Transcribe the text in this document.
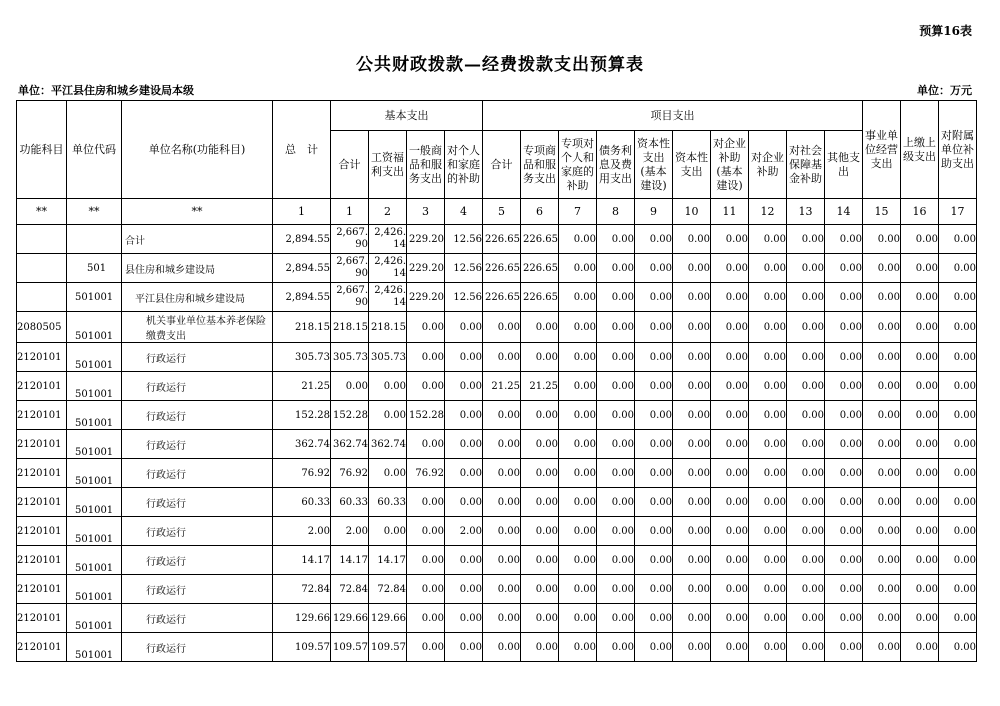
预算16表
公共财政拨款—经费拨款支出预算表
单位：平江县住房和城乡建设局本级	单位：万元
功能科目	单位代码	单位名称(功能科目)	总　计	基本支出				项目支出										事业单位经营支出	上缴上级支出	对附属单位补助支出
				合计	工资福利支出	一般商品和服务支出	对个人和家庭的补助	合计	专项商品和服务支出	专项对个人和家庭的补助	债务利息及费用支出	资本性支出(基本建设)	资本性支出	对企业补助(基本建设)	对企业补助	对社会保障基金补助	其他支出			
**	**	**	1	1	2	3	4	5	6	7	8	9	10	11	12	13	14	15	16	17
		合计	2,894.55	2,667.90	2,426.14	229.20	12.56	226.65	226.65	0.00	0.00	0.00	0.00	0.00	0.00	0.00	0.00	0.00	0.00	0.00
	501	县住房和城乡建设局	2,894.55	2,667.90	2,426.14	229.20	12.56	226.65	226.65	0.00	0.00	0.00	0.00	0.00	0.00	0.00	0.00	0.00	0.00	0.00
	501001	平江县住房和城乡建设局	2,894.55	2,667.90	2,426.14	229.20	12.56	226.65	226.65	0.00	0.00	0.00	0.00	0.00	0.00	0.00	0.00	0.00	0.00	0.00
2080505	501001	机关事业单位基本养老保险缴费支出	218.15	218.15	218.15	0.00	0.00	0.00	0.00	0.00	0.00	0.00	0.00	0.00	0.00	0.00	0.00	0.00	0.00	0.00
2120101	501001	行政运行	305.73	305.73	305.73	0.00	0.00	0.00	0.00	0.00	0.00	0.00	0.00	0.00	0.00	0.00	0.00	0.00	0.00	0.00
2120101	501001	行政运行	21.25	0.00	0.00	0.00	0.00	21.25	21.25	0.00	0.00	0.00	0.00	0.00	0.00	0.00	0.00	0.00	0.00	0.00
2120101	501001	行政运行	152.28	152.28	0.00	152.28	0.00	0.00	0.00	0.00	0.00	0.00	0.00	0.00	0.00	0.00	0.00	0.00	0.00	0.00
2120101	501001	行政运行	362.74	362.74	362.74	0.00	0.00	0.00	0.00	0.00	0.00	0.00	0.00	0.00	0.00	0.00	0.00	0.00	0.00	0.00
2120101	501001	行政运行	76.92	76.92	0.00	76.92	0.00	0.00	0.00	0.00	0.00	0.00	0.00	0.00	0.00	0.00	0.00	0.00	0.00	0.00
2120101	501001	行政运行	60.33	60.33	60.33	0.00	0.00	0.00	0.00	0.00	0.00	0.00	0.00	0.00	0.00	0.00	0.00	0.00	0.00	0.00
2120101	501001	行政运行	2.00	2.00	0.00	0.00	2.00	0.00	0.00	0.00	0.00	0.00	0.00	0.00	0.00	0.00	0.00	0.00	0.00	0.00
2120101	501001	行政运行	14.17	14.17	14.17	0.00	0.00	0.00	0.00	0.00	0.00	0.00	0.00	0.00	0.00	0.00	0.00	0.00	0.00	0.00
2120101	501001	行政运行	72.84	72.84	72.84	0.00	0.00	0.00	0.00	0.00	0.00	0.00	0.00	0.00	0.00	0.00	0.00	0.00	0.00	0.00
2120101	501001	行政运行	129.66	129.66	129.66	0.00	0.00	0.00	0.00	0.00	0.00	0.00	0.00	0.00	0.00	0.00	0.00	0.00	0.00	0.00
2120101	501001	行政运行	109.57	109.57	109.57	0.00	0.00	0.00	0.00	0.00	0.00	0.00	0.00	0.00	0.00	0.00	0.00	0.00	0.00	0.00
